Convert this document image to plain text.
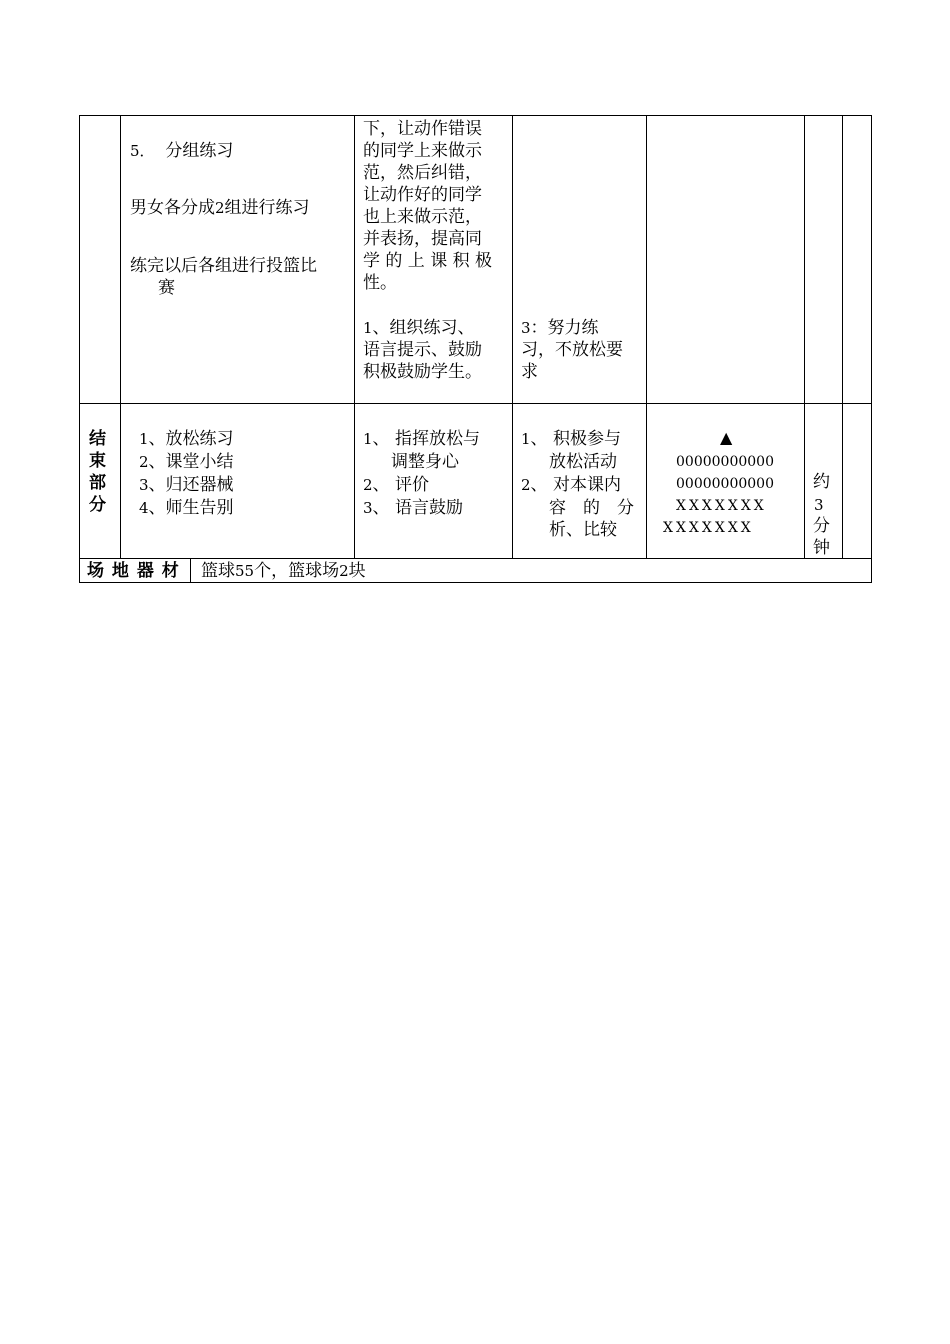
5． 分组练习
男女各分成2组进行练习
练完以后各组进行投篮比
赛
下，让动作错误
的同学上来做示
范，然后纠错，
让动作好的同学
也上来做示范，
并表扬，提高同
学 的 上 课 积 极
性。
1、组织练习、
语言提示、鼓励
积极鼓励学生。
3：努力练
习，不放松要
求
结
束
部
分
1、放松练习
2、课堂小结
3、归还器械
4、师生告别
1、 指挥放松与
调整身心
2、 评价
3、 语言鼓励
1、 积极参与
放松活动
2、 对本课内
容　的　分
析、比较
▲
00000000000
00000000000
XXXXXXX
XXXXXXX
约
3
分
钟
场 地 器 材 篮球55个，篮球场2块
